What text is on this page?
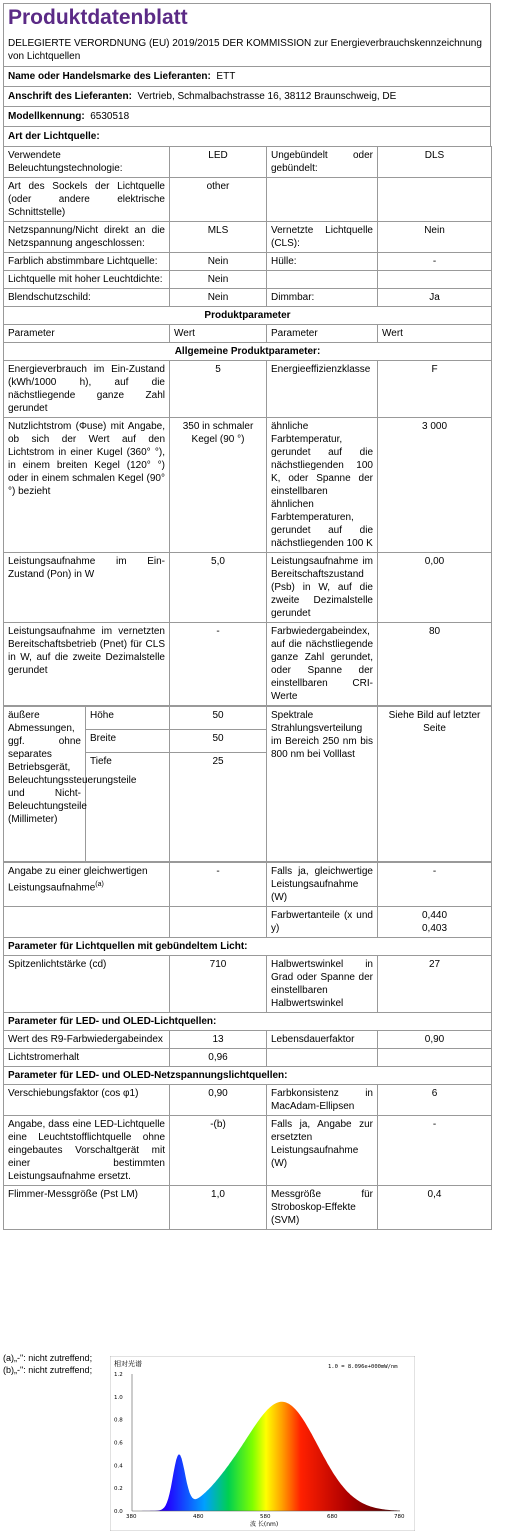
Produktdatenblatt
DELEGIERTE VERORDNUNG (EU) 2019/2015 DER KOMMISSION zur Energieverbrauchskennzeichnung von Lichtquellen
Name oder Handelsmarke des Lieferanten: ETT
Anschrift des Lieferanten: Vertrieb, Schmalbachstrasse 16, 38112 Braunschweig, DE
Modellkennung: 6530518
Art der Lichtquelle:
Verwendete Beleuchtungstechnologie:	LED	Ungebündelt oder gebündelt:	DLS
Art des Sockels der Lichtquelle (oder andere elektrische Schnittstelle)	other		
Netzspannung/Nicht direkt an die Netzspannung angeschlossen:	MLS	Vernetzte Lichtquelle (CLS):	Nein
Farblich abstimmbare Lichtquelle:	Nein	Hülle:	-
Lichtquelle mit hoher Leuchtdichte:	Nein		
Blendschutzschild:	Nein	Dimmbar:	Ja
Produktparameter			
Parameter	Wert	Parameter	Wert
Allgemeine Produktparameter:			
Energieverbrauch im Ein-Zustand (kWh/1000 h), auf die nächstliegende ganze Zahl gerundet	5	Energieeffizienzklasse	F
Nutzlichtstrom (Φuse) mit Angabe, ob sich der Wert auf den Lichtstrom in einer Kugel (360° °), in einem breiten Kegel (120° °) oder in einem schmalen Kegel (90° °) bezieht	350 in schmaler Kegel (90 °)	ähnliche Farbtemperatur, gerundet auf die nächstliegenden 100 K, oder Spanne der einstellbaren ähnlichen Farbtemperaturen, gerundet auf die nächstliegenden 100 K	3 000
Leistungsaufnahme im Ein-Zustand (Pon) in W	5,0	Leistungsaufnahme im Bereitschaftszustand (Psb) in W, auf die zweite Dezimalstelle gerundet	0,00
Leistungsaufnahme im vernetzten Bereitschaftsbetrieb (Pnet) für CLS in W, auf die zweite Dezimalstelle gerundet	-	Farbwiedergabeindex, auf die nächstliegende ganze Zahl gerundet, oder Spanne der einstellbaren CRI-Werte	80
äußere Abmessungen, ggf. ohne separates Betriebsgerät, Beleuchtungssteuerungsteile und Nicht-Beleuchtungsteile (Millimeter)	Höhe	50	Spektrale Strahlungsverteilung im Bereich 250 nm bis 800 nm bei Volllast	Siehe Bild auf letzter Seite
	Breite	50		
	Tiefe	25		
Angabe zu einer gleichwertigen Leistungsaufnahme$^{(a)}$	-	Falls ja, gleichwertige Leistungsaufnahme (W)	-
		Farbwertanteile (x und y)	0,440
0,403

Parameter für Lichtquellen mit gebündeltem Licht:			
Spitzenlichtstärke (cd)	710	Halbwertswinkel in Grad oder Spanne der einstellbaren Halbwertswinkel	27
Parameter für LED- und OLED-Lichtquellen:			
Wert des R9-Farbwiedergabeindex	13	Lebensdauerfaktor	0,90
Lichtstromerhalt	0,96		
Parameter für LED- und OLED-Netzspannungslichtquellen:			
Verschiebungsfaktor (cos φ1)	0,90	Farbkonsistenz in MacAdam-Ellipsen	6
Angabe, dass eine LED-Lichtquelle eine Leuchtstofflichtquelle ohne eingebautes Vorschaltgerät mit einer bestimmten Leistungsaufnahme ersetzt.	-(b)	Falls ja, Angabe zur ersetzten Leistungsaufnahme (W)	-
Flimmer-Messgröße (Pst LM)	1,0	Messgröße für Stroboskop-Effekte (SVM)	0,4
(a)„-": nicht zutreffend;
(b)„-": nicht zutreffend;
相对光谱	1.0 = 8.096e+000mW/nm
1.2
1.0
0.8
0.6
0.4
0.2
0.0
380	480	580	680	780
波 长(nm)
